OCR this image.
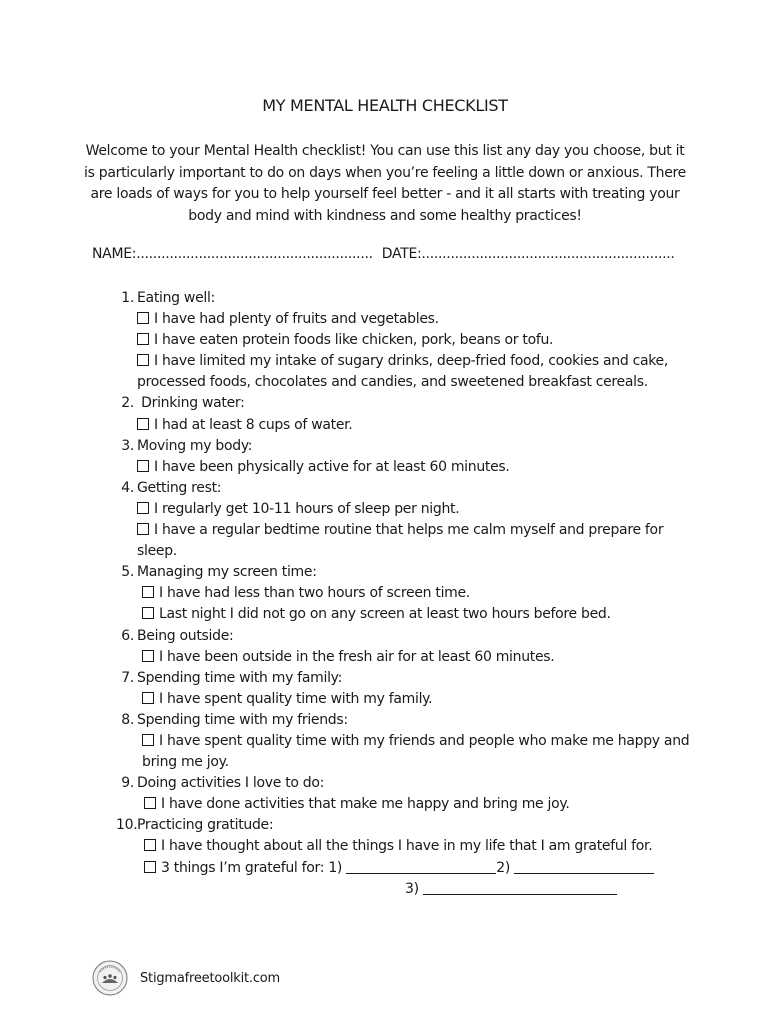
MY MENTAL HEALTH CHECKLIST
Welcome to your Mental Health checklist! You can use this list any day you choose, but it is particularly important to do on days when you’re feeling a little down or anxious. There are loads of ways for you to help yourself feel better - and it all starts with treating your body and mind with kindness and some healthy practices!
NAME:......................................................... DATE:.............................................................
1. Eating well:
I have had plenty of fruits and vegetables.
I have eaten protein foods like chicken, pork, beans or tofu.
I have limited my intake of sugary drinks, deep-fried food, cookies and cake, processed foods, chocolates and candies, and sweetened breakfast cereals.
2. Drinking water:
I had at least 8 cups of water.
3. Moving my body:
I have been physically active for at least 60 minutes.
4. Getting rest:
I regularly get 10-11 hours of sleep per night.
I have a regular bedtime routine that helps me calm myself and prepare for sleep.
5. Managing my screen time:
I have had less than two hours of screen time.
Last night I did not go on any screen at least two hours before bed.
6. Being outside:
I have been outside in the fresh air for at least 60 minutes.
7. Spending time with my family:
I have spent quality time with my family.
8. Spending time with my friends:
I have spent quality time with my friends and people who make me happy and bring me joy.
9. Doing activities I love to do:
I have done activities that make me happy and bring me joy.
10. Practicing gratitude:
I have thought about all the things I have in my life that I am grateful for.
3 things I’m grateful for: 1)	2)
3)
Stigmafreetoolkit.com
